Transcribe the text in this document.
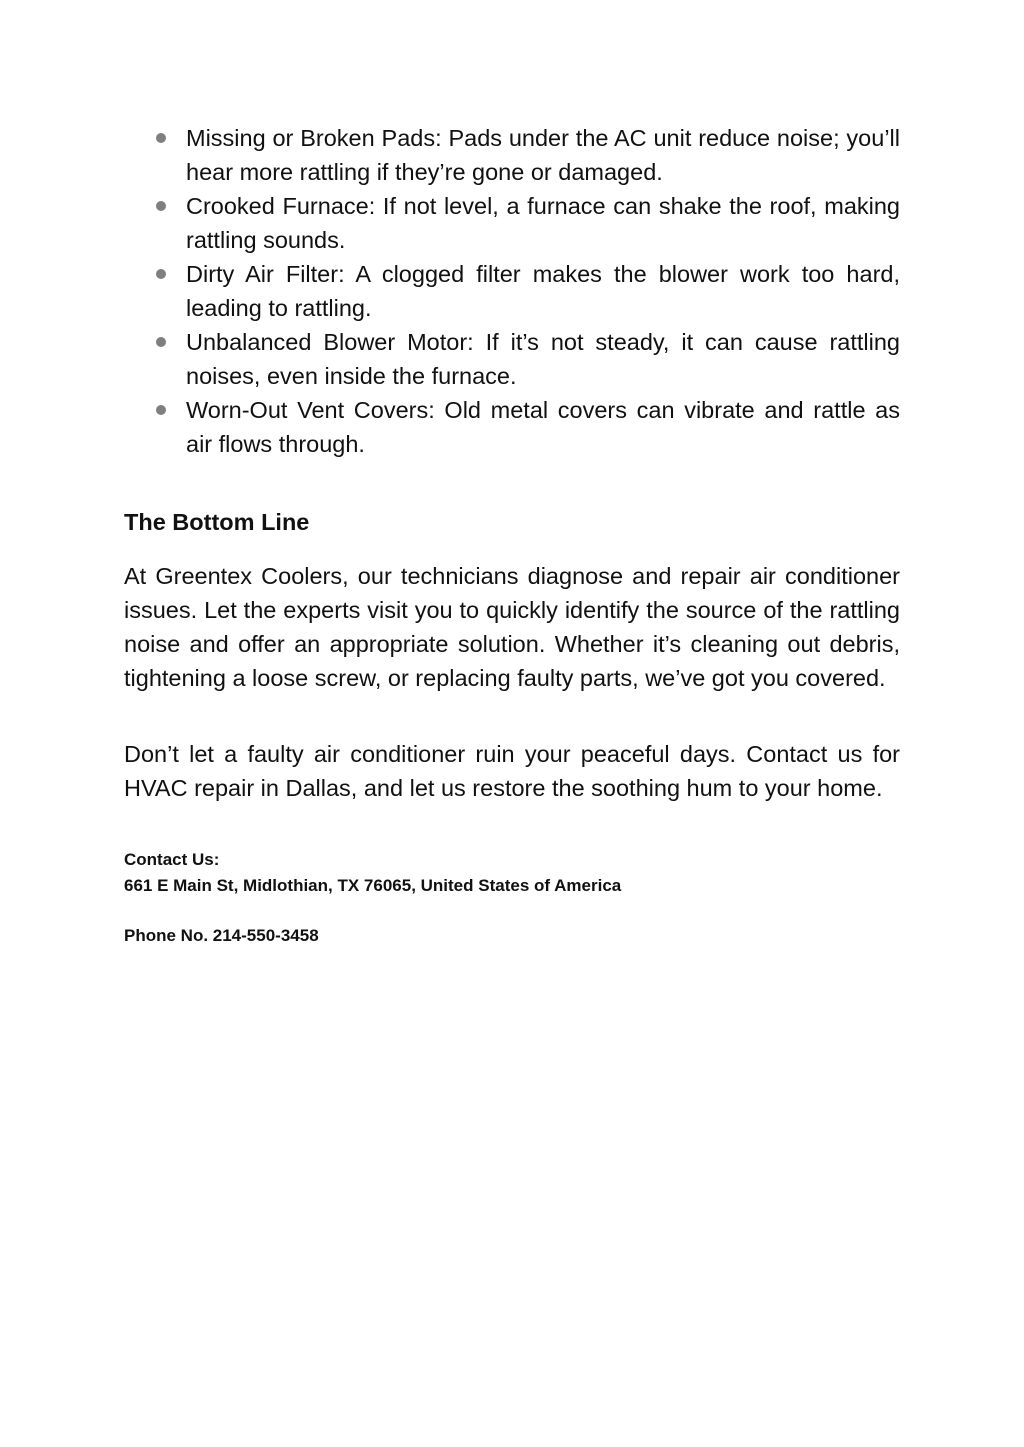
Missing or Broken Pads: Pads under the AC unit reduce noise; you’ll hear more rattling if they’re gone or damaged.
Crooked Furnace: If not level, a furnace can shake the roof, making rattling sounds.
Dirty Air Filter: A clogged filter makes the blower work too hard, leading to rattling.
Unbalanced Blower Motor: If it’s not steady, it can cause rattling noises, even inside the furnace.
Worn-Out Vent Covers: Old metal covers can vibrate and rattle as air flows through.
The Bottom Line

At Greentex Coolers, our technicians diagnose and repair air conditioner issues. Let the experts visit you to quickly identify the source of the rattling noise and offer an appropriate solution. Whether it’s cleaning out debris, tightening a loose screw, or replacing faulty parts, we’ve got you covered.

Don’t let a faulty air conditioner ruin your peaceful days. Contact us for HVAC repair in Dallas, and let us restore the soothing hum to your home.

Contact Us:
661 E Main St, Midlothian, TX 76065, United States of America
Phone No. 214-550-3458
